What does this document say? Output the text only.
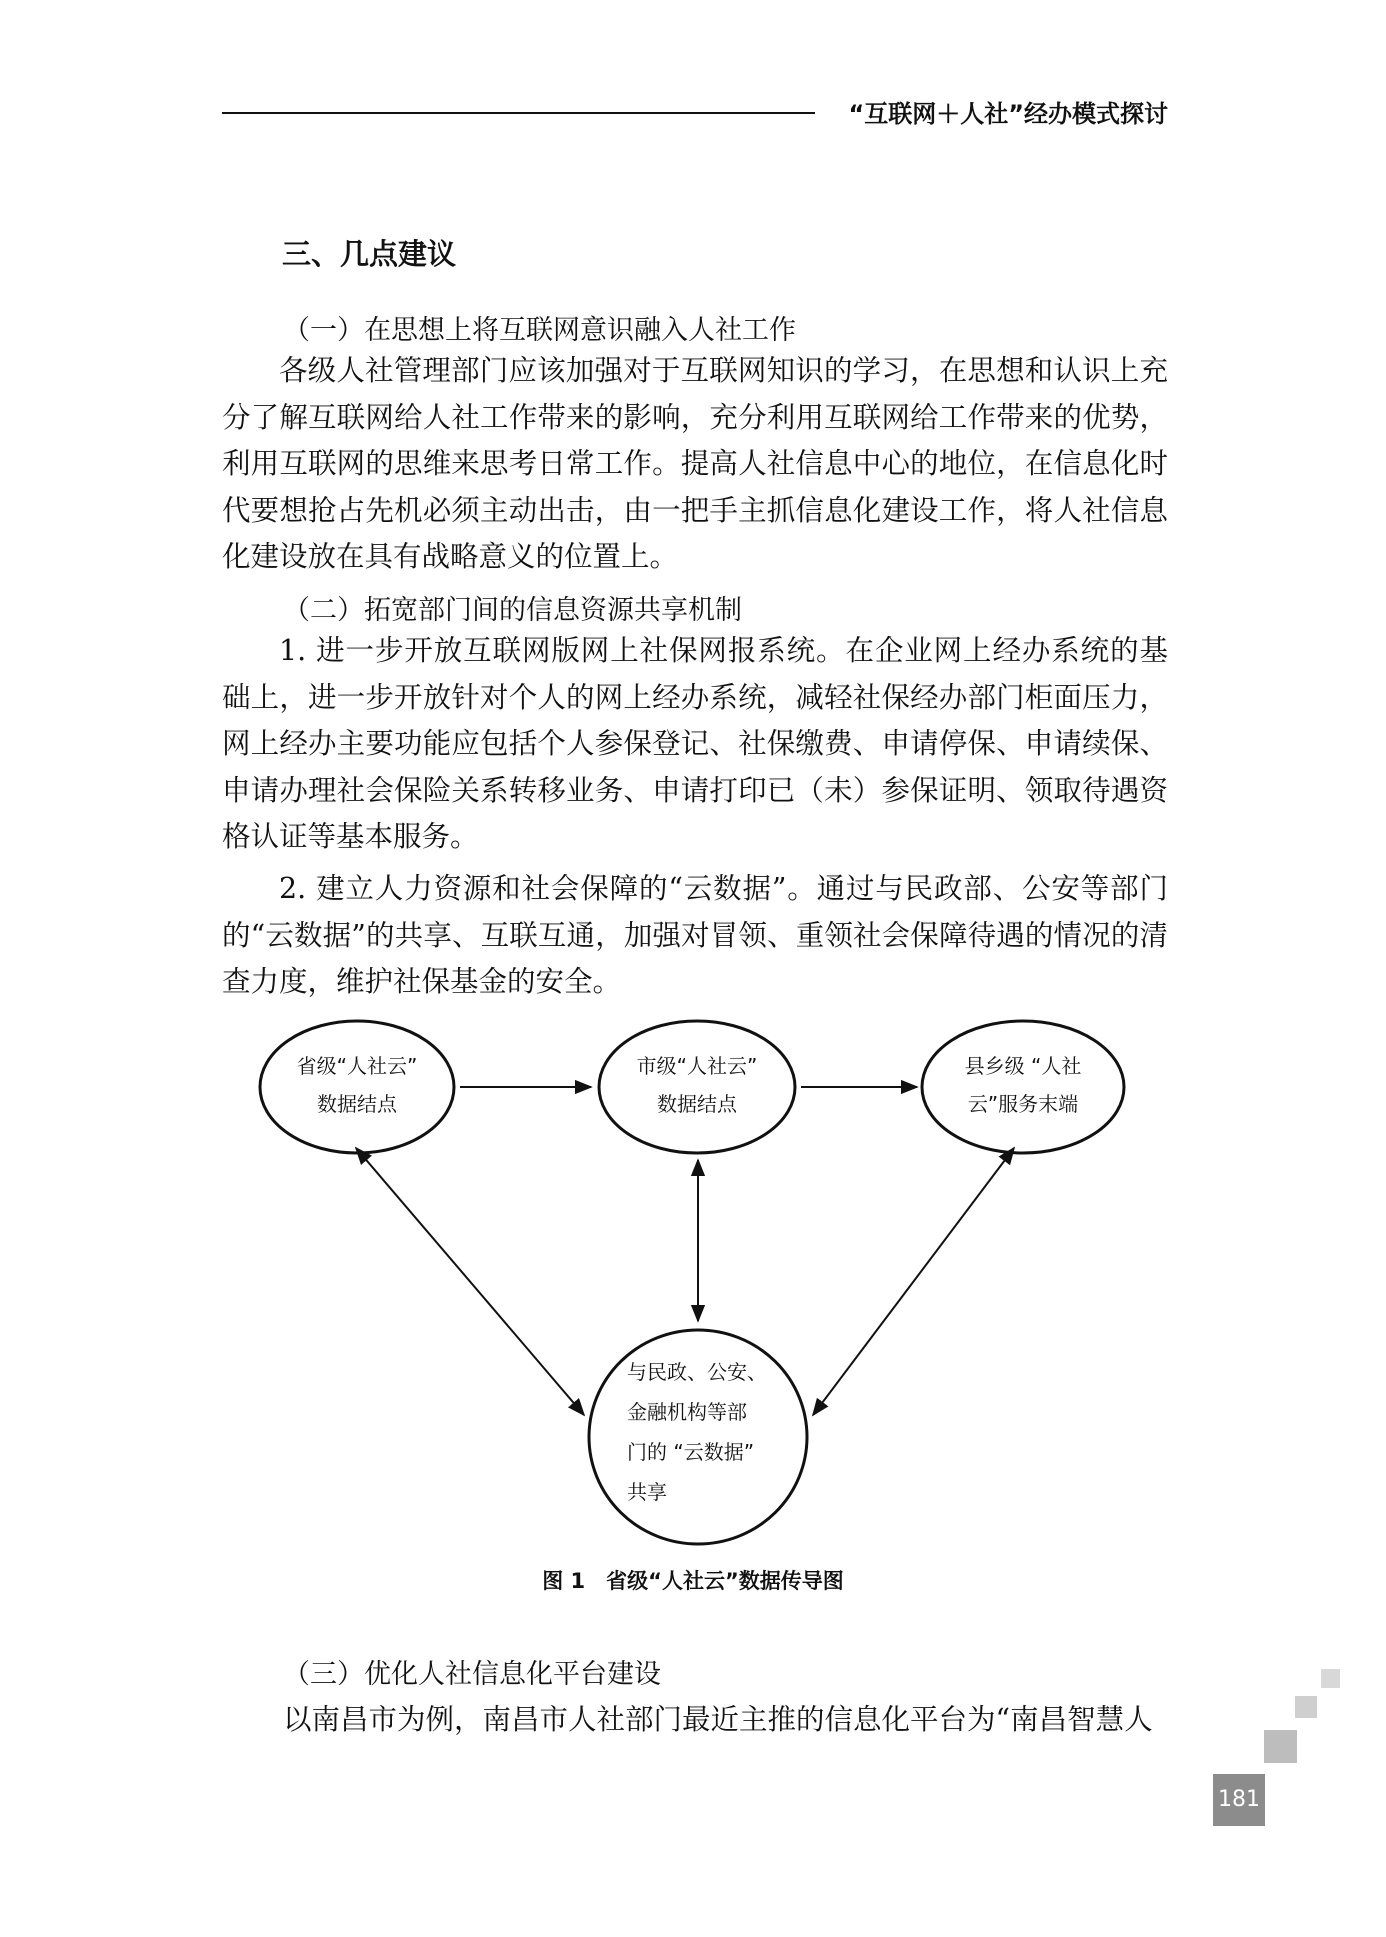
“互联网＋人社”经办模式探讨
三、几点建议
（一）在思想上将互联网意识融入人社工作

各级人社管理部门应该加强对于互联网知识的学习，在思想和认识上充分了解互联网给人社工作带来的影响，充分利用互联网给工作带来的优势，利用互联网的思维来思考日常工作。提高人社信息中心的地位，在信息化时代要想抢占先机必须主动出击，由一把手主抓信息化建设工作，将人社信息化建设放在具有战略意义的位置上。

（二）拓宽部门间的信息资源共享机制

1. 进一步开放互联网版网上社保网报系统。在企业网上经办系统的基础上，进一步开放针对个人的网上经办系统，减轻社保经办部门柜面压力，网上经办主要功能应包括个人参保登记、社保缴费、申请停保、申请续保、申请办理社会保险关系转移业务、申请打印已（未）参保证明、领取待遇资格认证等基本服务。

2. 建立人力资源和社会保障的“云数据”。通过与民政部、公安等部门的“云数据”的共享、互联互通，加强对冒领、重领社会保障待遇的情况的清查力度，维护社保基金的安全。

省级“人社云”
数据结点
市级“人社云”
数据结点
县乡级 “人社
云”服务末端
与民政、公安、
金融机构等部
门的 “云数据”
共享
图 1　省级“人社云”数据传导图
（三）优化人社信息化平台建设
以南昌市为例，南昌市人社部门最近主推的信息化平台为“南昌智慧人
181
